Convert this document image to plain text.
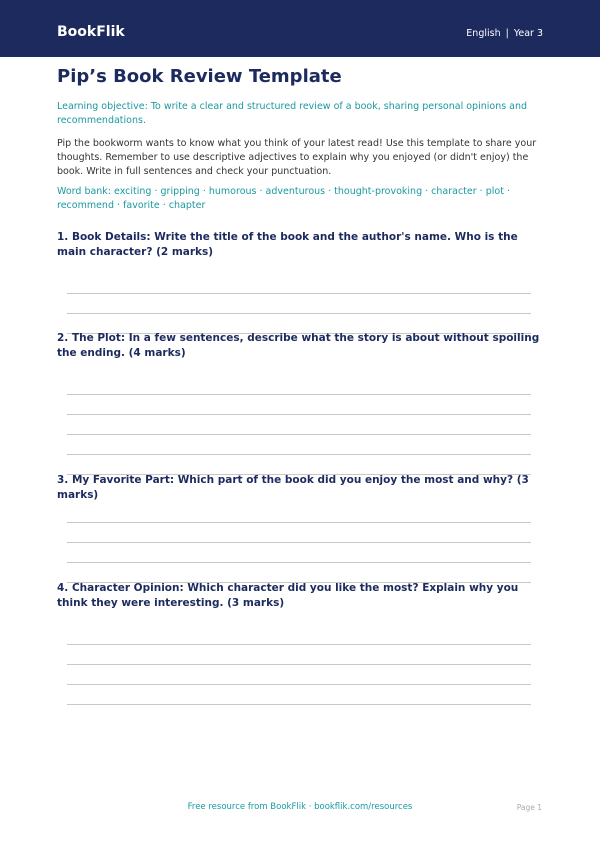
BookFlik	English | Year 3
Pip’s Book Review Template

Learning objective: To write a clear and structured review of a book, sharing personal opinions and recommendations.

Pip the bookworm wants to know what you think of your latest read! Use this template to share your thoughts. Remember to use descriptive adjectives to explain why you enjoyed (or didn't enjoy) the book. Write in full sentences and check your punctuation.

Word bank: exciting · gripping · humorous · adventurous · thought-provoking · character · plot · recommend · favorite · chapter

1. Book Details: Write the title of the book and the author's name. Who is the main character? (2 marks)

2. The Plot: In a few sentences, describe what the story is about without spoiling the ending. (4 marks)

3. My Favorite Part: Which part of the book did you enjoy the most and why? (3 marks)

4. Character Opinion: Which character did you like the most? Explain why you think they were interesting. (3 marks)

Free resource from BookFlik · bookflik.com/resources	Page 1
